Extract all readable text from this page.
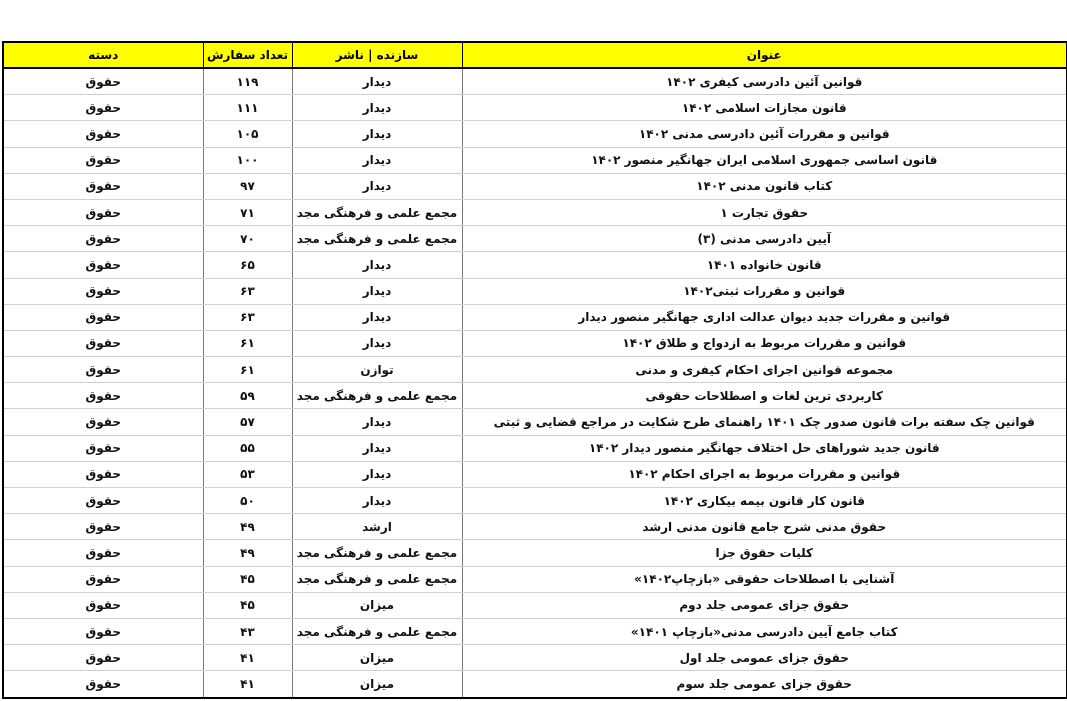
عنوان	سازنده | ناشر	تعداد سفارش	دسته
قوانین آئین دادرسی کیفری ۱۴۰۲	دیدار	۱۱۹	حقوق
قانون مجازات اسلامی ۱۴۰۲	دیدار	۱۱۱	حقوق
قوانین و مقررات آئین دادرسی مدنی ۱۴۰۲	دیدار	۱۰۵	حقوق
قانون اساسی جمهوری اسلامی ایران جهانگیر منصور ۱۴۰۲	دیدار	۱۰۰	حقوق
کتاب قانون مدنی ۱۴۰۲	دیدار	۹۷	حقوق
حقوق تجارت ۱	مجمع علمی و فرهنگی مجد	۷۱	حقوق
آیین دادرسی مدنی (۳)	مجمع علمی و فرهنگی مجد	۷۰	حقوق
قانون خانواده ۱۴۰۱	دیدار	۶۵	حقوق
قوانین و مقررات ثبتی۱۴۰۲	دیدار	۶۳	حقوق
قوانین و مقررات جدید دیوان عدالت اداری جهانگیر منصور دیدار	دیدار	۶۳	حقوق
قوانین و مقررات مربوط به ازدواج و طلاق ۱۴۰۲	دیدار	۶۱	حقوق
مجموعه قوانین اجرای احکام کیفری و مدنی	توازن	۶۱	حقوق
کاربردی ترین لغات و اصطلاحات حقوقی	مجمع علمی و فرهنگی مجد	۵۹	حقوق
قوانین چک سفته برات قانون صدور چک ۱۴۰۱ راهنمای طرح شکایت در مراجع قضایی و ثبتی	دیدار	۵۷	حقوق
قانون جدید شوراهای حل اختلاف جهانگیر منصور دیدار ۱۴۰۲	دیدار	۵۵	حقوق
قوانین و مقررات مربوط به اجرای احکام ۱۴۰۲	دیدار	۵۳	حقوق
قانون کار قانون بیمه بیکاری ۱۴۰۲	دیدار	۵۰	حقوق
حقوق مدنی شرح جامع قانون مدنی ارشد	ارشد	۴۹	حقوق
کلیات حقوق جزا	مجمع علمی و فرهنگی مجد	۴۹	حقوق
آشنایی با اصطلاحات حقوقی «بازچاپ۱۴۰۲»	مجمع علمی و فرهنگی مجد	۴۵	حقوق
حقوق جزای عمومی جلد دوم	میزان	۴۵	حقوق
کتاب جامع آیین دادرسی مدنی«بازچاپ ۱۴۰۱»	مجمع علمی و فرهنگی مجد	۴۳	حقوق
حقوق جزای عمومی جلد اول	میزان	۴۱	حقوق
حقوق جزای عمومی جلد سوم	میزان	۴۱	حقوق
